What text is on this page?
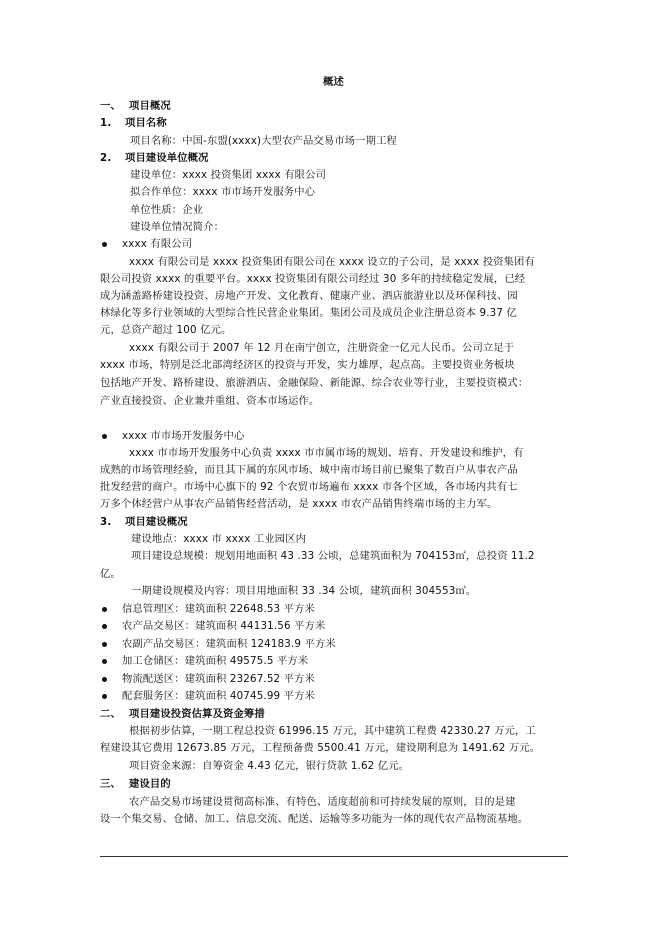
概述
一、 项目概况
1. 项目名称
项目名称：中国-东盟(xxxx)大型农产品交易市场一期工程
2. 项目建设单位概况
建设单位：xxxx 投资集团 xxxx 有限公司
拟合作单位：xxxx 市市场开发服务中心
单位性质：企业
建设单位情况简介：
xxxx 有限公司
xxxx 有限公司是 xxxx 投资集团有限公司在 xxxx 设立的子公司，是 xxxx 投资集团有
限公司投资 xxxx 的重要平台。xxxx 投资集团有限公司经过 30 多年的持续稳定发展，已经
成为涵盖路桥建设投资、房地产开发、文化教育、健康产业、酒店旅游业以及环保科技、园
林绿化等多行业领域的大型综合性民营企业集团。集团公司及成员企业注册总资本 9.37 亿
元，总资产超过 100 亿元。
xxxx 有限公司于 2007 年 12 月在南宁创立，注册资金一亿元人民币。公司立足于
xxxx 市场，特别是泛北部湾经济区的投资与开发，实力雄厚，起点高。主要投资业务板块
包括地产开发、路桥建设、旅游酒店、金融保险、新能源、综合农业等行业，主要投资模式：
产业直接投资、企业兼并重组、资本市场运作。
xxxx 市市场开发服务中心
xxxx 市市场开发服务中心负责 xxxx 市市属市场的规划、培育、开发建设和维护，有
成熟的市场管理经验，而且其下属的东风市场、城中南市场目前已聚集了数百户从事农产品
批发经营的商户。市场中心旗下的 92 个农贸市场遍布 xxxx 市各个区域，各市场内共有七
万多个体经营户从事农产品销售经营活动，是 xxxx 市农产品销售终端市场的主力军。
3. 项目建设概况
建设地点：xxxx 市 xxxx 工业园区内
项目建设总规模：规划用地面积 43 .33 公顷，总建筑面积为 704153㎡，总投资 11.2
亿。
一期建设规模及内容：项目用地面积 33 .34 公顷，建筑面积 304553㎡。
信息管理区：建筑面积 22648.53 平方米
农产品交易区：建筑面积 44131.56 平方米
农副产品交易区：建筑面积 124183.9 平方米
加工仓储区：建筑面积 49575.5 平方米
物流配送区：建筑面积 23267.52 平方米
配套服务区：建筑面积 40745.99 平方米
二、 项目建设投资估算及资金筹措
根据初步估算，一期工程总投资 61996.15 万元，其中建筑工程费 42330.27 万元，工
程建设其它费用 12673.85 万元，工程预备费 5500.41 万元，建设期利息为 1491.62 万元。
项目资金来源：自筹资金 4.43 亿元，银行贷款 1.62 亿元。
三、 建设目的
农产品交易市场建设贯彻高标准、有特色、适度超前和可持续发展的原则，目的是建
设一个集交易、仓储、加工、信息交流、配送、运输等多功能为一体的现代农产品物流基地。
